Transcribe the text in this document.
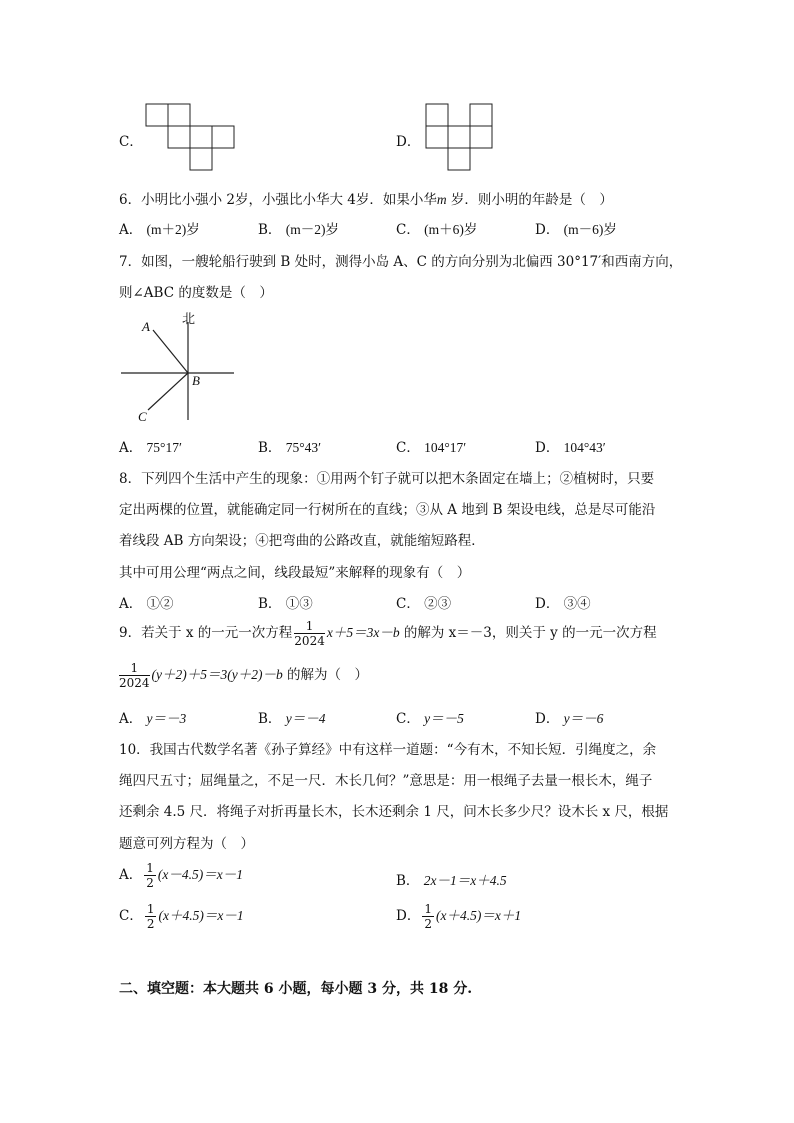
C．	D．
6．小明比小强小 2岁，小强比小华大 4岁．如果小华m 岁．则小明的年龄是（　）
A． (m＋2)岁	B． (m－2)岁	C． (m＋6)岁	D． (m－6)岁
7．如图，一艘轮船行驶到 B 处时，测得小岛 A、C 的方向分别为北偏西 30°17′和西南方向，
则∠ABC 的度数是（　）
北
A
B
C
A． 75°17′	B． 75°43′	C． 104°17′	D． 104°43′
8．下列四个生活中产生的现象：①用两个钉子就可以把木条固定在墙上；②植树时，只要
定出两棵的位置，就能确定同一行树所在的直线；③从 A 地到 B 架设电线，总是尽可能沿
着线段 AB 方向架设；④把弯曲的公路改直，就能缩短路程．
其中可用公理“两点之间，线段最短”来解释的现象有（　）
A． ①②	B． ①③	C． ②③	D． ③④
9．若关于 x 的一元一次方程 $\frac{1}{2024} x+5=3x-b$ 的解为 x＝－3，则关于 y 的一元一次方程
$\frac{1}{2024} (y+2)+5=3(y+2)-b$ 的解为（　）
A． y＝－3	B． y＝－4	C． y＝－5	D． y＝－6
10．我国古代数学名著《孙子算经》中有这样一道题：“今有木，不知长短．引绳度之，余
绳四尺五寸；屈绳量之，不足一尺．木长几何？”意思是：用一根绳子去量一根长木，绳子
还剩余 4.5 尺．将绳子对折再量长木，长木还剩余 1 尺，问木长多少尺？设木长 x 尺，根据
题意可列方程为（　）
A． $\frac{1}{2} (x-4.5)=x-1$	B． 2x－1＝x＋4.5
C． $\frac{1}{2} (x+4.5)=x-1$	D． $\frac{1}{2} (x+4.5)=x+1$
二、填空题：本大题共 6 小题，每小题 3 分，共 18 分.
